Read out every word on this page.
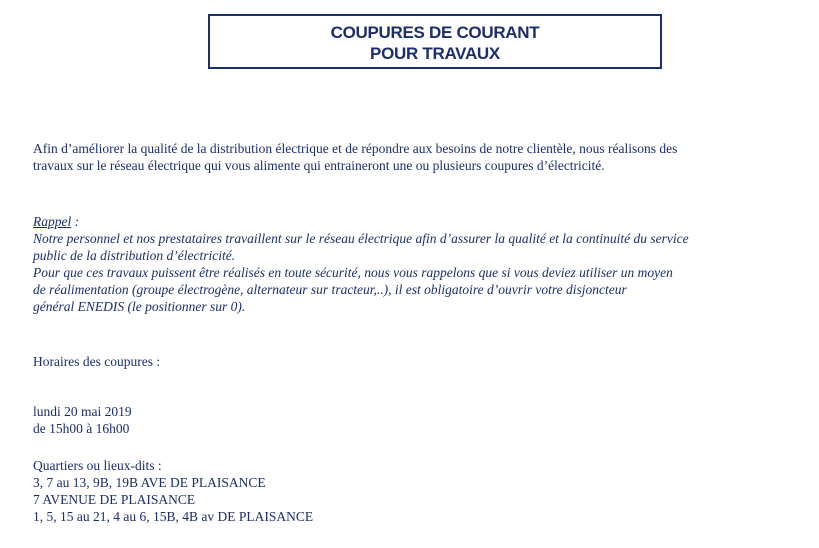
COUPURES DE COURANT
POUR TRAVAUX
Afin d’améliorer la qualité de la distribution électrique et de répondre aux besoins de notre clientèle, nous réalisons des
travaux sur le réseau électrique qui vous alimente qui entraineront une ou plusieurs coupures d’électricité.
Rappel :
Notre personnel et nos prestataires travaillent sur le réseau électrique afin d’assurer la qualité et la continuité du service
public de la distribution d’électricité.
Pour que ces travaux puissent être réalisés en toute sécurité, nous vous rappelons que si vous deviez utiliser un moyen
de réalimentation (groupe électrogène, alternateur sur tracteur,..), il est obligatoire d’ouvrir votre disjoncteur
général ENEDIS (le positionner sur 0).
Horaires des coupures :
lundi 20 mai 2019
de 15h00 à 16h00
Quartiers ou lieux-dits :
3, 7 au 13, 9B, 19B AVE DE PLAISANCE
7 AVENUE DE PLAISANCE
1, 5, 15 au 21, 4 au 6, 15B, 4B av DE PLAISANCE
